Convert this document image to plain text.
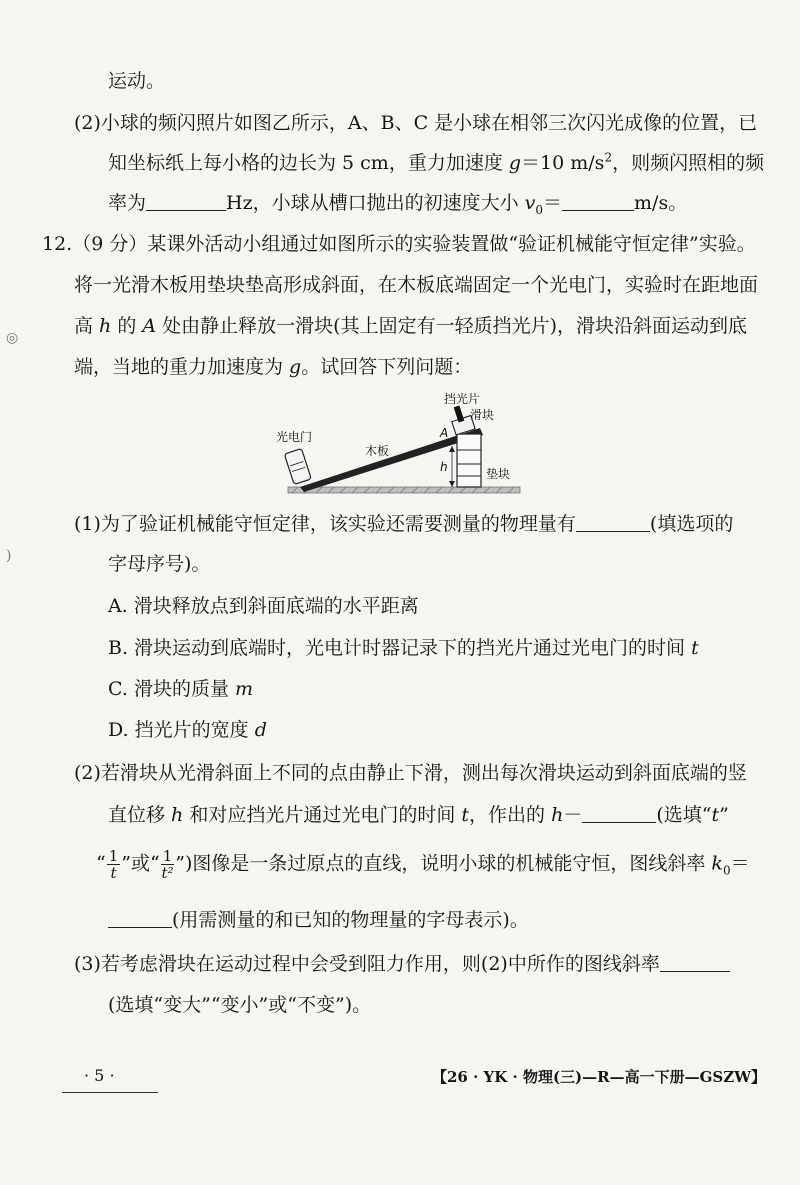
◎
)
运动。
(2)小球的频闪照片如图乙所示，A、B、C 是小球在相邻三次闪光成像的位置，已
知坐标纸上每小格的边长为 5 cm，重力加速度 g＝10 $m/s^2$，则频闪照相的频
率为	Hz，小球从槽口抛出的初速度大小 $v_0=$	m/s。
12.（9 分）某课外活动小组通过如图所示的实验装置做“验证机械能守恒定律”实验。
将一光滑木板用垫块垫高形成斜面，在木板底端固定一个光电门，实验时在距地面
高 h 的 A 处由静止释放一滑块(其上固定有一轻质挡光片)，滑块沿斜面运动到底
端，当地的重力加速度为 g。试回答下列问题：
挡光片
滑块
光电门
木板
A
h	垫块
(1)为了验证机械能守恒定律，该实验还需要测量的物理量有	(填选项的
字母序号)。
A. 滑块释放点到斜面底端的水平距离
B. 滑块运动到底端时，光电计时器记录下的挡光片通过光电门的时间 t
C. 滑块的质量 m
D. 挡光片的宽度 d
(2)若滑块从光滑斜面上不同的点由静止下滑，测出每次滑块运动到斜面底端的竖
直位移 h 和对应挡光片通过光电门的时间 t，作出的 h－	(选填“t”
“ $\frac{1}{t}$ ”或“ $\frac{1}{\text{t²}}$ ”)图像是一条过原点的直线，说明小球的机械能守恒，图线斜率 $k_0=$
(用需测量的和已知的物理量的字母表示)。
(3)若考虑滑块在运动过程中会受到阻力作用，则(2)中所作的图线斜率
(选填“变大”“变小”或“不变”)。
· 5 ·	【26 · YK · 物理(三)—R—高一下册—GSZW】
